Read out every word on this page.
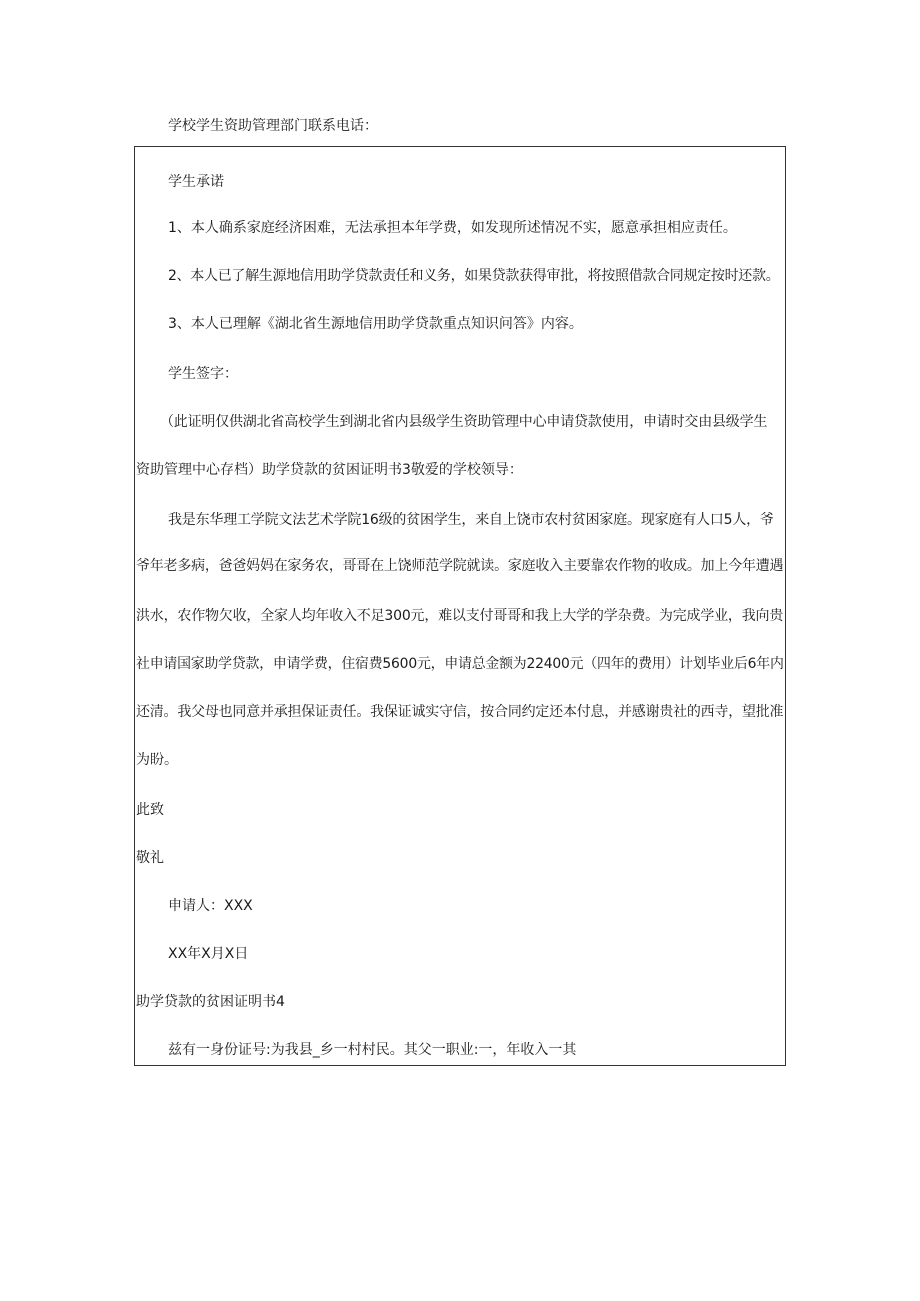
学校学生资助管理部门联系电话：
学生承诺
1、本人确系家庭经济困难，无法承担本年学费，如发现所述情况不实，愿意承担相应责任。
2、本人已了解生源地信用助学贷款责任和义务，如果贷款获得审批，将按照借款合同规定按时还款。
3、本人已理解《湖北省生源地信用助学贷款重点知识问答》内容。
学生签字：
（此证明仅供湖北省高校学生到湖北省内县级学生资助管理中心申请贷款使用，申请时交由县级学生
资助管理中心存档）助学贷款的贫困证明书3敬爱的学校领导：
我是东华理工学院文法艺术学院16级的贫困学生，来自上饶市农村贫困家庭。现家庭有人口5人，爷
爷年老多病，爸爸妈妈在家务农，哥哥在上饶师范学院就读。家庭收入主要靠农作物的收成。加上今年遭遇
洪水，农作物欠收，全家人均年收入不足300元，难以支付哥哥和我上大学的学杂费。为完成学业，我向贵
社申请国家助学贷款，申请学费，住宿费5600元，申请总金额为22400元（四年的费用）计划毕业后6年内
还清。我父母也同意并承担保证责任。我保证诚实守信，按合同约定还本付息，并感谢贵社的西寺，望批准
为盼。
此致
敬礼
申请人：XXX
XX年X月X日
助学贷款的贫困证明书4
兹有一身份证号:为我县_乡一村村民。其父一职业:一，年收入一其
